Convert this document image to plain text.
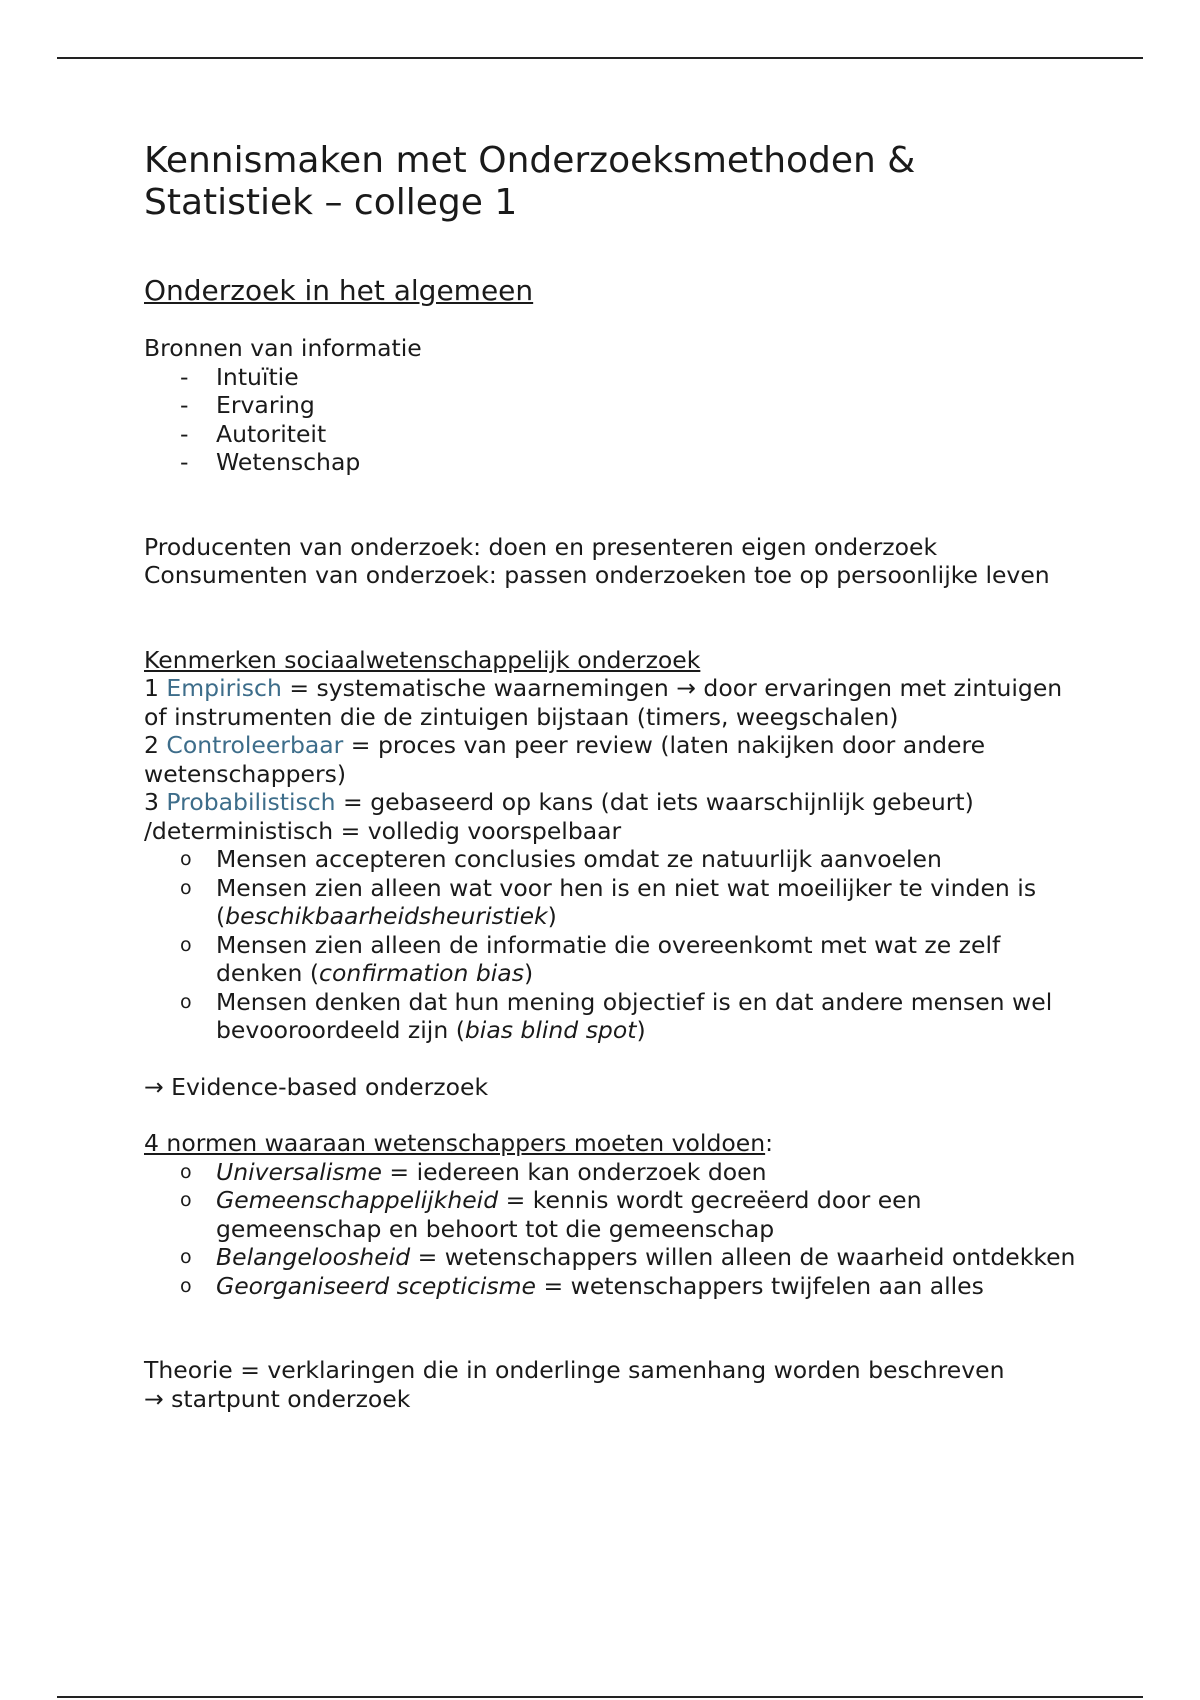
Kennismaken met Onderzoeksmethoden & Statistiek – college 1
Onderzoek in het algemeen

Bronnen van informatie

- Intuïtie
- Ervaring
- Autoriteit
- Wetenschap

Producenten van onderzoek: doen en presenteren eigen onderzoek

Consumenten van onderzoek: passen onderzoeken toe op persoonlijke leven

Kenmerken sociaalwetenschappelijk onderzoek

1 Empirisch = systematische waarnemingen → door ervaringen met zintuigen of instrumenten die de zintuigen bijstaan (timers, weegschalen)

2 Controleerbaar = proces van peer review (laten nakijken door andere wetenschappers)

3 Probabilistisch = gebaseerd op kans (dat iets waarschijnlijk gebeurt) /deterministisch = volledig voorspelbaar

o Mensen accepteren conclusies omdat ze natuurlijk aanvoelen
o Mensen zien alleen wat voor hen is en niet wat moeilijker te vinden is (beschikbaarheidsheuristiek)
o Mensen zien alleen de informatie die overeenkomt met wat ze zelf denken (confirmation bias)
o Mensen denken dat hun mening objectief is en dat andere mensen wel bevooroordeeld zijn (bias blind spot)

→ Evidence-based onderzoek

4 normen waaraan wetenschappers moeten voldoen:

o Universalisme = iedereen kan onderzoek doen
o Gemeenschappelijkheid = kennis wordt gecreëerd door een gemeenschap en behoort tot die gemeenschap
o Belangeloosheid = wetenschappers willen alleen de waarheid ontdekken
o Georganiseerd scepticisme = wetenschappers twijfelen aan alles

Theorie = verklaringen die in onderlinge samenhang worden beschreven

→ startpunt onderzoek
